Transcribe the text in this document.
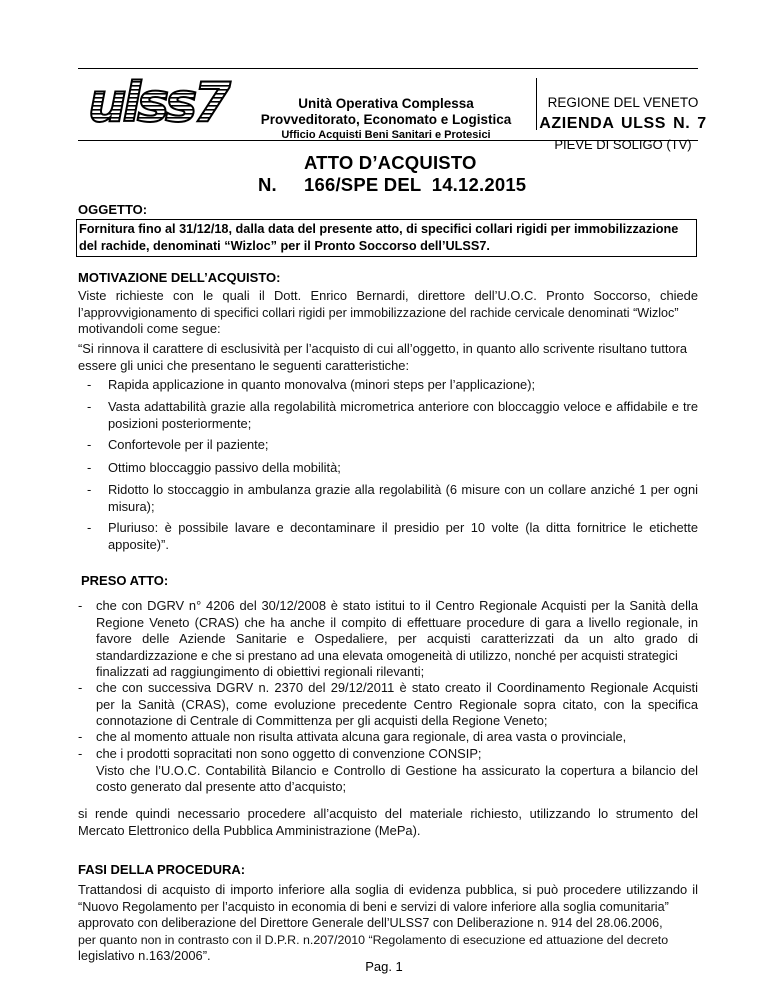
ulss7	Unità Operativa Complessa
Provveditorato, Economato e Logistica
Ufficio Acquisti Beni Sanitari e Protesici
REGIONE DEL VENETO
AZIENDA ULSS N. 7
PIEVE DI SOLIGO (TV)
ATTO D’ACQUISTO
N. 166/SPE DEL  14.12.2015
OGGETTO:
Fornitura fino al 31/12/18, dalla data del presente atto, di specifici collari rigidi per immobilizzazione
del rachide, denominati “Wizloc” per il Pronto Soccorso dell’ULSS7.
MOTIVAZIONE DELL’ACQUISTO:
Viste richieste con le quali il Dott. Enrico Bernardi, direttore dell’U.O.C. Pronto Soccorso, chiede
l’approvvigionamento di specifici collari rigidi per immobilizzazione del rachide cervicale denominati “Wizloc”
motivandoli come segue:
“Si rinnova il carattere di esclusività per l’acquisto di cui all’oggetto, in quanto allo scrivente risultano tuttora
essere gli unici che presentano le seguenti caratteristiche:
- Rapida applicazione in quanto monovalva (minori steps per l’applicazione);
- Vasta adattabilità grazie alla regolabilità micrometrica anteriore con bloccaggio veloce e affidabile e tre
posizioni posteriormente;
- Confortevole per il paziente;
- Ottimo bloccaggio passivo della mobilità;
- Ridotto lo stoccaggio in ambulanza grazie alla regolabilità (6 misure con un collare anziché 1 per ogni
misura);
- Pluriuso: è possibile lavare e decontaminare il presidio per 10 volte (la ditta fornitrice le etichette
apposite)”.
PRESO ATTO:
- che con DGRV n° 4206 del 30/12/2008 è stato istitui to il Centro Regionale Acquisti per la Sanità della
Regione Veneto (CRAS) che ha anche il compito di effettuare procedure di gara a livello regionale, in
favore delle Aziende Sanitarie e Ospedaliere, per acquisti caratterizzati da un alto grado di
standardizzazione e che si prestano ad una elevata omogeneità di utilizzo, nonché per acquisti strategici
finalizzati ad raggiungimento di obiettivi regionali rilevanti;
- che con successiva DGRV n. 2370 del 29/12/2011 è stato creato il Coordinamento Regionale Acquisti
per la Sanità (CRAS), come evoluzione precedente Centro Regionale sopra citato, con la specifica
connotazione di Centrale di Committenza per gli acquisti della Regione Veneto;
- che al momento attuale non risulta attivata alcuna gara regionale, di area vasta o provinciale,
- che i prodotti sopracitati non sono oggetto di convenzione CONSIP;
Visto che l’U.O.C. Contabilità Bilancio e Controllo di Gestione ha assicurato la copertura a bilancio del
costo generato dal presente atto d’acquisto;
si rende quindi necessario procedere all’acquisto del materiale richiesto, utilizzando lo strumento del
Mercato Elettronico della Pubblica Amministrazione (MePa).
FASI DELLA PROCEDURA:
Trattandosi di acquisto di importo inferiore alla soglia di evidenza pubblica, si può procedere utilizzando il
“Nuovo Regolamento per l’acquisto in economia di beni e servizi di valore inferiore alla soglia comunitaria”
approvato con deliberazione del Direttore Generale dell’ULSS7 con Deliberazione n. 914 del 28.06.2006,
per quanto non in contrasto con il D.P.R. n.207/2010 “Regolamento di esecuzione ed attuazione del decreto
legislativo n.163/2006”.
Pag. 1
